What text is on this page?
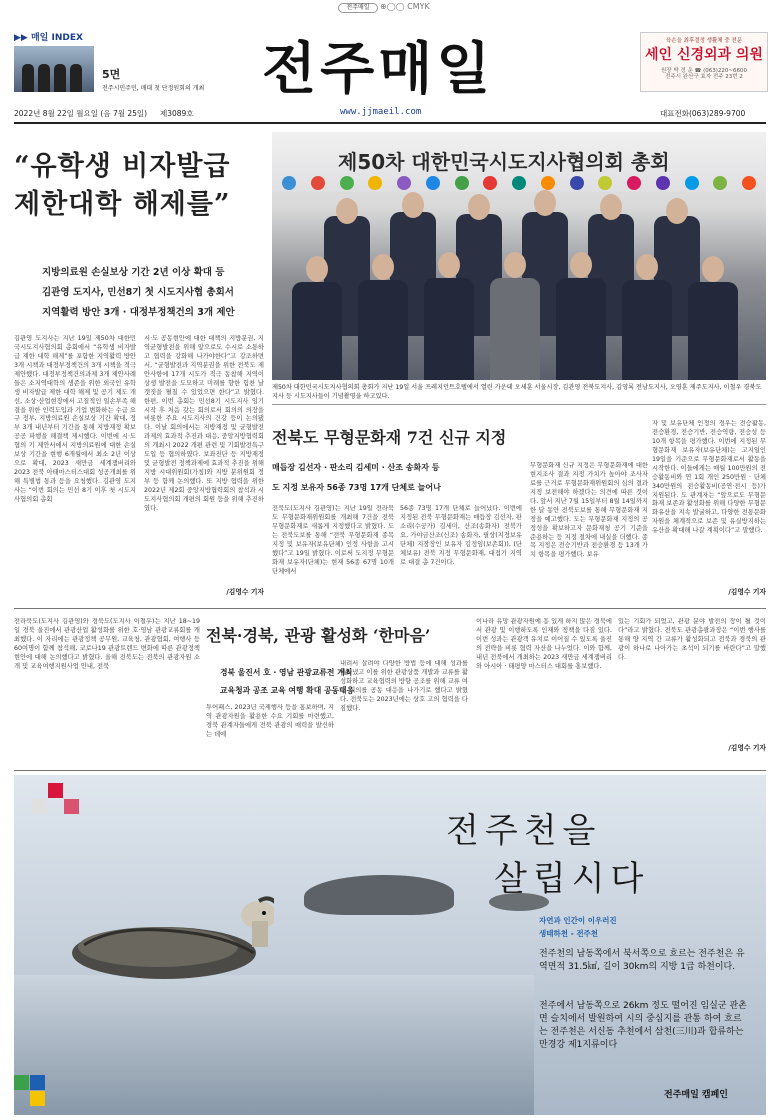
전주매일	⊕◯◯ CMYK
▶▶ 매일 INDEX
5면
전주시민주민, 매대 첫 단정원회의 개최 전주매일	육손을 최후결정 생활체 중 전문
세인 신경외과 의원
원장 박 정 운 ☎ (063)220~6600
전주시 완산구 효자 전주 23번 2
2022년 8월 22일 월요일 (음 7월 25일) 제3089호	www.jjmaeil.com	대표전화(063)289-9700
“유학생 비자발급
제한대학 해제를”
지방의료원 손실보상 기간 2년 이상 확대 등
김관영 도지사, 민선8기 첫 시도지사협 총회서
지역활력 방안 3개 · 대정부정책건의 3개 제안
김관영 도지사는 지난 19일 제50차 대한민국시도지사협의회 총회에서 “유학생 비자발급 제한 대학 해제”를 포함한 지역활력 방안 3개 시책과 대정부정책건의 3개 시책을 적극 제안했다. 대정부정책건의과제 3개 제안사례들은 소지역대학의 생존을 위한 외국인 유학생 비자발급 제한 대학 해제 및 공기 제도 개선, 소상·산업현장에서 고질적인 일손부족 해결을 위한 인력도입과 기업 변화하는 수급 요구 정부, 지방의료원 손실보상 기간 확대, 정부 3개 내년부터 기간을 통해 지방재정 확보 공공 파행을 해결책 제시했다. 이번에 시·도 협의 기 제안서에서 지방의료원에 대한 손실보상 기간을 현행 6개월에서 최소 2년 이상으로 확대, 2023 새만금 세계잼버리와 2023 전북 아태마스터스대회 성공개최를 위해 특별법 통과 등을 요청했다. 김관영 도지사는 “이번 회의는 민선 8기 이후 첫 시도지사협의회 총회
시·도 공동현안에 대한 대책의 지방분권, 지역균형발전을 위해 앞으로도 수시로 소통하고 협력을 강화해 나가야한다”고 강조하면서, “균형발전과 지역분권을 위한 전북도 제안사항에 17개 시도가 적극 동참해 지역이 상생 발전을 도모하고 미래를 향한 힘찬 날갯짓을 펼칠 수 있었으면 한다”고 밝혔다. 한편, 이번 총회는 민선8기 시도지사 임기 시작 후 처음 갖는 회의로서 회의의 의장을 비롯한 주요 시도지사의 건강 등이 논의됐다. 이날 회의에서는 지방재정 및 균형발전 과제의 효과적 추진과 대응, 중앙지방협력회의 개최시 2022 개편 관련 및 기회발전특구 도입 등 협의하였다. 보좌진단 등 지방재정 및 균형발전 정책과제에 효과적 추진을 위해 지방 시대위원회(가칭)와 지방 분위원회 정부 등 함께 논의했다. 또 지방 협력을 위한 2022년 제2회 중앙지방협력회의 참석과 시도지사협의회 개편의 회원 등을 위해 추진하였다.
/김영수 기자
제50차 대한민국시도지사협의회 총회
제50차 대한민국시도지사협의회 총회가 지난 19일 서울 프레지던트호텔에서 열린 가운데 오세훈 서울시장, 김관영 전북도지사, 김영록 전남도지사, 오영훈 제주도지사, 이철우 경북도지사 등 시도지사들이 기념촬영을 하고있다.
전북도 무형문화재 7건 신규 지정
매듭장 김선자 · 판소리 김세미 · 산조 송화자 등
도 지정 보유자 56종 73명 17개 단체로 늘어나
전북도(도지사 김관영)는 지난 19일 전라북도 무형문화재위원회를 개최해 7건을 전북 무형문화재로 새롭게 지정했다고 밝혔다. 도는 전북도보를 통해 “전북 무형문화재 종목지정 및 보유자(보유단체) 인정 사항을 고시했다”고 19일 밝혔다. 이로써 도지정 무형문화재 보유자(단체)는 현재 56종 67명 10개 단체에서
56종 73명 17개 단체로 늘어났다. 이번에 지정된 전북 무형문화재는 매듭장 김선자, 판소리(수궁가) 김세미, 산조(송화자) 전북가요, 가야금산조(신조) 송화자, 필상(지정보유단체) 지장장인 보유자 김정임(보존회)), (단체보유) 전북 지정 무형문화재, 대접기 지역로 대결 총 7건이다.
무형문화재 신규 지정은 무형문화재에 대한 현지조사 결과 지정 가치가 높아야 조사자료를 근거로 무형문화재위원회의 심의 결과 지정 보전해야 하겠다는 의견에 따른 것이다. 앞서 지난 7월 15일부터 8월 14일까지 한 달 동안 전북도보를 통해 무형문화재 지정을 예고했다. 도는 무형문화재 지정의 공정성을 확보하고자 문화재청 공기 기준을 준용하는 등 지정 절차에 내실을 더했다. 종목 지정은 전승기반과 전승환경 등 13개 가치 항목을 평가했다. 보유
자 및 보유단체 인정의 경우는 전승활동, 전승환경, 전승기반, 전승역량, 전승성 등 10개 항목을 평가했다. 이번에 지정된 무형문화재 보유자(보유단체)는 고지일인 19일을 기준으로 무형문화재로서 활동을 시작한다. 이들에게는 매월 100만원의 전승활동비와 연 1회 개인 250만원 · 단체 340만원의 전승활동비(공연·전시 등)가 지원된다. 도 관계자는 “앞으로도 무형문화재 보존과 활성화를 위해 다양한 무형문화유산을 지속 발굴하고, 다양한 전통문화자원을 체계적으로 보존 및 유실방지하는 유산을 확대해 나갈 계획이다”고 말했다.
/김영수 기자
전북·경북, 관광 활성화 ‘한마음’
경북 울진서 호 · 영남 관광교류전 개최
교육청과 공조 교육 여행 확대 공동대응
전라북도(도지사 김관영)와 경북도(도지사 이철우)는 지난 18~19일 경북 울진에서 관광산업 활성화를 위한 호·영남 관광교류회를 개최했다. 이 자리에는 관광정책 공무원, 교육청, 관광협회, 여행사 등 60여명이 함께 참석해, 코로나19 관광트렌드 변화에 따른 관광정책 현안에 대해 논의했다고 밝혔다. 올해 전북도는 전북의 관광자원 소개 및 교육여행지원사업 안내, 전북
투어패스, 2023년 국제행사 등을 홍보하며, 지역 관광자원을 활용한 수요 기회를 마련했고, 경북 관계자들에게 전북 관광의 매력을 발신하는 데에
내려서 살려야 다양한 방법 등에 대해 성과를 나타냈고 이를 위한 관광상품 개발과 교류를 활성화하고 교육협력의 방향 공조를 위해 교류 여행 회의를 공동 대응을 나가기로 했다고 밝혔다. 전북도는 2023년에는 상호 고의 협력을 다짐했다.
이나라 유망 관광자원에 흥 있게 하지 많은 경북에서 관광 및 이행하도록 인재와 정책을 다짐 있다. 이번 성과는 관광객 유치로 이어질 수 있도록 울진의 전략을 비롯 협력 자산을 나누었다. 이와 함께, 내년 전북에서 개최하는 2023 새만금 세계잼버리와 아시아 · 태평양 마스터스 대회를 홍보했다.
있는 기회가 되었고, 관광 분야 발전의 장이 될 것이다”라고 밝혔다. 전북도 관광총괄과장은 “이번 행사를 통해 양 지역 간 교류가 활성화되고 전북과 경북의 관광이 하나로 나아가는 초석이 되기를 바란다”고 말했다.
/김영수 기자
전주천을
살립시다
자연과 인간이 이우러진
생태하천 - 전주천
전주천의 남동쪽에서 북서쪽으로 흐르는 전주천은 유역면적 31.5㎢, 길이 30km의 지방 1급 하천이다.
전주에서 남동쪽으로 26km 정도 떨어진 임실군 관촌면 슬치에서 발원하여 시의 중심지를 관통 하여 흐르는 전주천은 서신동 추천에서 삼천(三川)과 합류하는 만경강 제1지류이다
전주매일 캠페인
